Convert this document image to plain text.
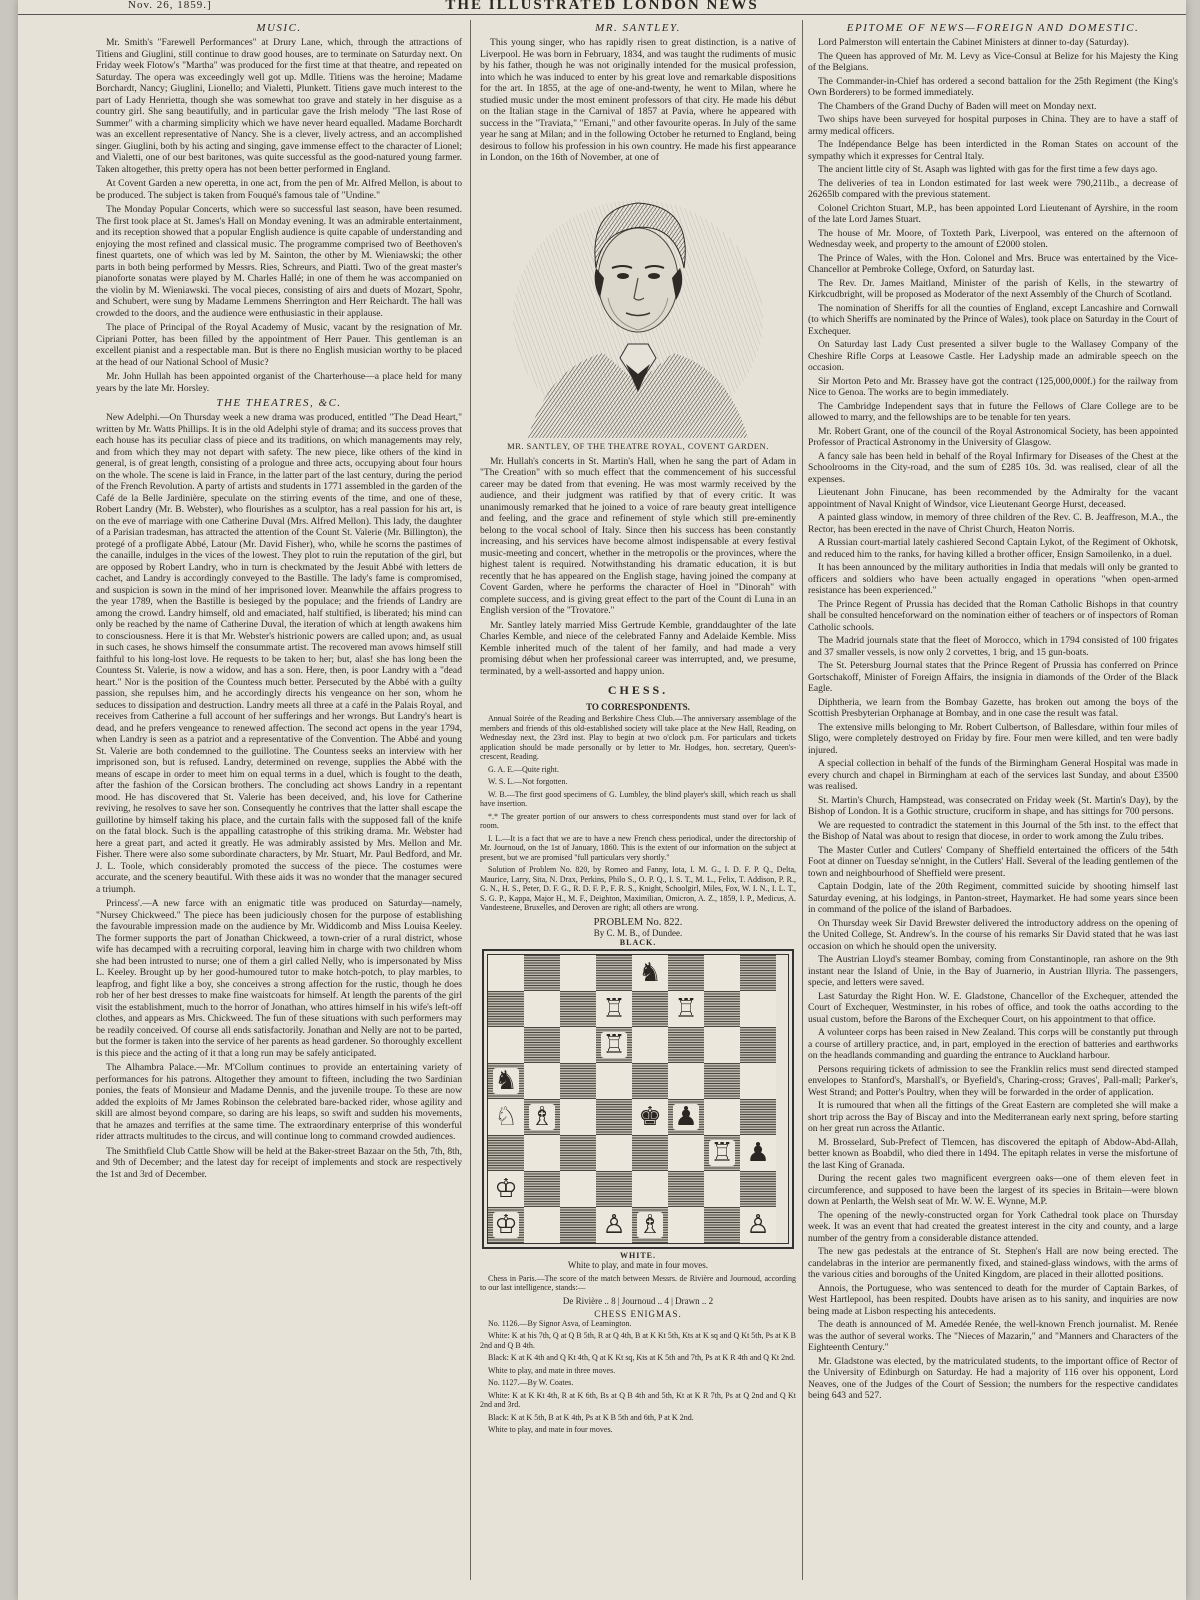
Nov. 26, 1859.]	THE ILLUSTRATED LONDON NEWS
MUSIC.

Mr. Smith's "Farewell Performances" at Drury Lane, which, through the attractions of Titiens and Giuglini, still continue to draw good houses, are to terminate on Saturday next. On Friday week Flotow's "Martha" was produced for the first time at that theatre, and repeated on Saturday. The opera was exceedingly well got up. Mdlle. Titiens was the heroine; Madame Borchardt, Nancy; Giuglini, Lionello; and Vialetti, Plunkett. Titiens gave much interest to the part of Lady Henrietta, though she was somewhat too grave and stately in her disguise as a country girl. She sang beautifully, and in particular gave the Irish melody "The last Rose of Summer" with a charming simplicity which we have never heard equalled. Madame Borchardt was an excellent representative of Nancy. She is a clever, lively actress, and an accomplished singer. Giuglini, both by his acting and singing, gave immense effect to the character of Lionel; and Vialetti, one of our best baritones, was quite successful as the good-natured young farmer. Taken altogether, this pretty opera has not been better performed in England.

At Covent Garden a new operetta, in one act, from the pen of Mr. Alfred Mellon, is about to be produced. The subject is taken from Fouqué's famous tale of "Undine."

The Monday Popular Concerts, which were so successful last season, have been resumed. The first took place at St. James's Hall on Monday evening. It was an admirable entertainment, and its reception showed that a popular English audience is quite capable of understanding and enjoying the most refined and classical music. The programme comprised two of Beethoven's finest quartets, one of which was led by M. Sainton, the other by M. Wieniawski; the other parts in both being performed by Messrs. Ries, Schreurs, and Piatti. Two of the great master's pianoforte sonatas were played by M. Charles Hallé; in one of them he was accompanied on the violin by M. Wieniawski. The vocal pieces, consisting of airs and duets of Mozart, Spohr, and Schubert, were sung by Madame Lemmens Sherrington and Herr Reichardt. The hall was crowded to the doors, and the audience were enthusiastic in their applause.

The place of Principal of the Royal Academy of Music, vacant by the resignation of Mr. Cipriani Potter, has been filled by the appointment of Herr Pauer. This gentleman is an excellent pianist and a respectable man. But is there no English musician worthy to be placed at the head of our National School of Music?

Mr. John Hullah has been appointed organist of the Charterhouse—a place held for many years by the late Mr. Horsley.

THE THEATRES, &C.

New Adelphi.—On Thursday week a new drama was produced, entitled "The Dead Heart," written by Mr. Watts Phillips. It is in the old Adelphi style of drama; and its success proves that each house has its peculiar class of piece and its traditions, on which managements may rely, and from which they may not depart with safety. The new piece, like others of the kind in general, is of great length, consisting of a prologue and three acts, occupying about four hours on the whole. The scene is laid in France, in the latter part of the last century, during the period of the French Revolution. A party of artists and students in 1771 assembled in the garden of the Café de la Belle Jardinière, speculate on the stirring events of the time, and one of these, Robert Landry (Mr. B. Webster), who flourishes as a sculptor, has a real passion for his art, is on the eve of marriage with one Catherine Duval (Mrs. Alfred Mellon). This lady, the daughter of a Parisian tradesman, has attracted the attention of the Count St. Valerie (Mr. Billington), the protegé of a profligate Abbé, Latour (Mr. David Fisher), who, while he scorns the pastimes of the canaille, indulges in the vices of the lowest. They plot to ruin the reputation of the girl, but are opposed by Robert Landry, who in turn is checkmated by the Jesuit Abbé with letters de cachet, and Landry is accordingly conveyed to the Bastille. The lady's fame is compromised, and suspicion is sown in the mind of her imprisoned lover. Meanwhile the affairs progress to the year 1789, when the Bastille is besieged by the populace; and the friends of Landry are among the crowd. Landry himself, old and emaciated, half stultified, is liberated; his mind can only be reached by the name of Catherine Duval, the iteration of which at length awakens him to consciousness. Here it is that Mr. Webster's histrionic powers are called upon; and, as usual in such cases, he shows himself the consummate artist. The recovered man avows himself still faithful to his long-lost love. He requests to be taken to her; but, alas! she has long been the Countess St. Valerie, is now a widow, and has a son. Here, then, is poor Landry with a "dead heart." Nor is the position of the Countess much better. Persecuted by the Abbé with a guilty passion, she repulses him, and he accordingly directs his vengeance on her son, whom he seduces to dissipation and destruction. Landry meets all three at a café in the Palais Royal, and receives from Catherine a full account of her sufferings and her wrongs. But Landry's heart is dead, and he prefers vengeance to renewed affection. The second act opens in the year 1794, when Landry is seen as a patriot and a representative of the Convention. The Abbé and young St. Valerie are both condemned to the guillotine. The Countess seeks an interview with her imprisoned son, but is refused. Landry, determined on revenge, supplies the Abbé with the means of escape in order to meet him on equal terms in a duel, which is fought to the death, after the fashion of the Corsican brothers. The concluding act shows Landry in a repentant mood. He has discovered that St. Valerie has been deceived, and, his love for Catherine reviving, he resolves to save her son. Consequently he contrives that the latter shall escape the guillotine by himself taking his place, and the curtain falls with the supposed fall of the knife on the fatal block. Such is the appalling catastrophe of this striking drama. Mr. Webster had here a great part, and acted it greatly. He was admirably assisted by Mrs. Mellon and Mr. Fisher. There were also some subordinate characters, by Mr. Stuart, Mr. Paul Bedford, and Mr. J. L. Toole, which considerably promoted the success of the piece. The costumes were accurate, and the scenery beautiful. With these aids it was no wonder that the manager secured a triumph.

Princess'.—A new farce with an enigmatic title was produced on Saturday—namely, "Nursey Chickweed." The piece has been judiciously chosen for the purpose of establishing the favourable impression made on the audience by Mr. Widdicomb and Miss Louisa Keeley. The former supports the part of Jonathan Chickweed, a town-crier of a rural district, whose wife has decamped with a recruiting corporal, leaving him in charge with two children whom she had been intrusted to nurse; one of them a girl called Nelly, who is impersonated by Miss L. Keeley. Brought up by her good-humoured tutor to make hotch-potch, to play marbles, to leapfrog, and fight like a boy, she conceives a strong affection for the rustic, though he does rob her of her best dresses to make fine waistcoats for himself. At length the parents of the girl visit the establishment, much to the horror of Jonathan, who attires himself in his wife's left-off clothes, and appears as Mrs. Chickweed. The fun of these situations with such performers may be readily conceived. Of course all ends satisfactorily. Jonathan and Nelly are not to be parted, but the former is taken into the service of her parents as head gardener. So thoroughly excellent is this piece and the acting of it that a long run may be safely anticipated.

The Alhambra Palace.—Mr. M'Collum continues to provide an entertaining variety of performances for his patrons. Altogether they amount to fifteen, including the two Sardinian ponies, the feats of Monsieur and Madame Dennis, and the juvenile troupe. To these are now added the exploits of Mr James Robinson the celebrated bare-backed rider, whose agility and skill are almost beyond compare, so daring are his leaps, so swift and sudden his movements, that he amazes and terrifies at the same time. The extraordinary enterprise of this wonderful rider attracts multitudes to the circus, and will continue long to command crowded audiences.

The Smithfield Club Cattle Show will be held at the Baker-street Bazaar on the 5th, 7th, 8th, and 9th of December; and the latest day for receipt of implements and stock are respectively the 1st and 3rd of December.

MR. SANTLEY.

This young singer, who has rapidly risen to great distinction, is a native of Liverpool. He was born in February, 1834, and was taught the rudiments of music by his father, though he was not originally intended for the musical profession, into which he was induced to enter by his great love and remarkable dispositions for the art. In 1855, at the age of one-and-twenty, he went to Milan, where he studied music under the most eminent professors of that city. He made his début on the Italian stage in the Carnival of 1857 at Pavia, where he appeared with success in the "Traviata," "Ernani," and other favourite operas. In July of the same year he sang at Milan; and in the following October he returned to England, being desirous to follow his profession in his own country. He made his first appearance in London, on the 16th of November, at one of

MR. SANTLEY, OF THE THEATRE ROYAL, COVENT GARDEN.

Mr. Hullah's concerts in St. Martin's Hall, when he sang the part of Adam in "The Creation" with so much effect that the commencement of his successful career may be dated from that evening. He was most warmly received by the audience, and their judgment was ratified by that of every critic. It was unanimously remarked that he joined to a voice of rare beauty great intelligence and feeling, and the grace and refinement of style which still pre-eminently belong to the vocal school of Italy. Since then his success has been constantly increasing, and his services have become almost indispensable at every festival music-meeting and concert, whether in the metropolis or the provinces, where the highest talent is required. Notwithstanding his dramatic education, it is but recently that he has appeared on the English stage, having joined the company at Covent Garden, where he performs the character of Hoel in "Dinorah" with complete success, and is giving great effect to the part of the Count di Luna in an English version of the "Trovatore."

Mr. Santley lately married Miss Gertrude Kemble, granddaughter of the late Charles Kemble, and niece of the celebrated Fanny and Adelaide Kemble. Miss Kemble inherited much of the talent of her family, and had made a very promising début when her professional career was interrupted, and, we presume, terminated, by a well-assorted and happy union.

CHESS.
TO CORRESPONDENTS.

Annual Soirée of the Reading and Berkshire Chess Club.—The anniversary assemblage of the members and friends of this old-established society will take place at the New Hall, Reading, on Wednesday next, the 23rd inst. Play to begin at two o'clock p.m. For particulars and tickets application should be made personally or by letter to Mr. Hodges, hon. secretary, Queen's-crescent, Reading.

G. A. E.—Quite right.

W. S. L.—Not forgotten.

W. B.—The first good specimens of G. Lumbley, the blind player's skill, which reach us shall have insertion.

*.* The greater portion of our answers to chess correspondents must stand over for lack of room.

I. L.—It is a fact that we are to have a new French chess periodical, under the directorship of Mr. Journoud, on the 1st of January, 1860. This is the extent of our information on the subject at present, but we are promised "full particulars very shortly."

Solution of Problem No. 820, by Romeo and Fanny, Iota, I. M. G., I. D. F. P. Q., Delta, Maurice, Larry, Sita, N. Drax, Perkins, Philo S., O. P. Q., I. S. T., M. L., Felix, T. Addison, P. R., G. N., H. S., Peter, D. F. G., R. D. F. P., F. R. S., Knight, Schoolgirl, Miles, Fox, W. I. N., I. L. T., S. G. P., Kappa, Major H., M. F., Deighton, Maximilian, Omicron, A. Z., 1859, I. P., Medicus, A. Vandesteene, Bruxelles, and Deroven are right; all others are wrong.

PROBLEM No. 822.
By C. M. B., of Dundee.
BLACK.
♞
♖ ♖
♖
♞
♘ ♗	♚ ♟
♖ ♟
♔
♔	♙ ♗	♙
WHITE.
White to play, and mate in four moves.

Chess in Paris.—The score of the match between Messrs. de Rivière and Journoud, according to our last intelligence, stands:—

De Rivière .. 8 | Journoud .. 4 | Drawn .. 2
CHESS ENIGMAS.

No. 1126.—By Signor Asva, of Leamington.

White: K at his 7th, Q at Q B 5th, R at Q 4th, B at K Kt 5th, Kts at K sq and Q Kt 5th, Ps at K B 2nd and Q B 4th.

Black: K at K 4th and Q Kt 4th, Q at K Kt sq, Kts at K 5th and 7th, Ps at K R 4th and Q Kt 2nd.

White to play, and mate in three moves.

No. 1127.—By W. Coates.

White: K at K Kt 4th, R at K 6th, Bs at Q B 4th and 5th, Kt at K R 7th, Ps at Q 2nd and Q Kt 2nd and 3rd.

Black: K at K 5th, B at K 4th, Ps at K B 5th and 6th, P at K 2nd.

White to play, and mate in four moves.

EPITOME OF NEWS—FOREIGN AND DOMESTIC.

Lord Palmerston will entertain the Cabinet Ministers at dinner to-day (Saturday).

The Queen has approved of Mr. M. Levy as Vice-Consul at Belize for his Majesty the King of the Belgians.

The Commander-in-Chief has ordered a second battalion for the 25th Regiment (the King's Own Borderers) to be formed immediately.

The Chambers of the Grand Duchy of Baden will meet on Monday next.

Two ships have been surveyed for hospital purposes in China. They are to have a staff of army medical officers.

The Indépendance Belge has been interdicted in the Roman States on account of the sympathy which it expresses for Central Italy.

The ancient little city of St. Asaph was lighted with gas for the first time a few days ago.

The deliveries of tea in London estimated for last week were 790,211lb., a decrease of 26265lb compared with the previous statement.

Colonel Crichton Stuart, M.P., has been appointed Lord Lieutenant of Ayrshire, in the room of the late Lord James Stuart.

The house of Mr. Moore, of Toxteth Park, Liverpool, was entered on the afternoon of Wednesday week, and property to the amount of £2000 stolen.

The Prince of Wales, with the Hon. Colonel and Mrs. Bruce was entertained by the Vice-Chancellor at Pembroke College, Oxford, on Saturday last.

The Rev. Dr. James Maitland, Minister of the parish of Kells, in the stewartry of Kirkcudbright, will be proposed as Moderator of the next Assembly of the Church of Scotland.

The nomination of Sheriffs for all the counties of England, except Lancashire and Cornwall (to which Sheriffs are nominated by the Prince of Wales), took place on Saturday in the Court of Exchequer.

On Saturday last Lady Cust presented a silver bugle to the Wallasey Company of the Cheshire Rifle Corps at Leasowe Castle. Her Ladyship made an admirable speech on the occasion.

Sir Morton Peto and Mr. Brassey have got the contract (125,000,000f.) for the railway from Nice to Genoa. The works are to begin immediately.

The Cambridge Independent says that in future the Fellows of Clare College are to be allowed to marry, and the fellowships are to be tenable for ten years.

Mr. Robert Grant, one of the council of the Royal Astronomical Society, has been appointed Professor of Practical Astronomy in the University of Glasgow.

A fancy sale has been held in behalf of the Royal Infirmary for Diseases of the Chest at the Schoolrooms in the City-road, and the sum of £285 10s. 3d. was realised, clear of all the expenses.

Lieutenant John Finucane, has been recommended by the Admiralty for the vacant appointment of Naval Knight of Windsor, vice Lieutenant George Hurst, deceased.

A painted glass window, in memory of three children of the Rev. C. B. Jeaffreson, M.A., the Rector, has been erected in the nave of Christ Church, Heaton Norris.

A Russian court-martial lately cashiered Second Captain Lykot, of the Regiment of Okhotsk, and reduced him to the ranks, for having killed a brother officer, Ensign Samoilenko, in a duel.

It has been announced by the military authorities in India that medals will only be granted to officers and soldiers who have been actually engaged in operations "when open-armed resistance has been experienced."

The Prince Regent of Prussia has decided that the Roman Catholic Bishops in that country shall be consulted henceforward on the nomination either of teachers or of inspectors of Roman Catholic schools.

The Madrid journals state that the fleet of Morocco, which in 1794 consisted of 100 frigates and 37 smaller vessels, is now only 2 corvettes, 1 brig, and 15 gun-boats.

The St. Petersburg Journal states that the Prince Regent of Prussia has conferred on Prince Gortschakoff, Minister of Foreign Affairs, the insignia in diamonds of the Order of the Black Eagle.

Diphtheria, we learn from the Bombay Gazette, has broken out among the boys of the Scottish Presbyterian Orphanage at Bombay, and in one case the result was fatal.

The extensive mills belonging to Mr. Robert Culbertson, of Ballesdare, within four miles of Sligo, were completely destroyed on Friday by fire. Four men were killed, and ten were badly injured.

A special collection in behalf of the funds of the Birmingham General Hospital was made in every church and chapel in Birmingham at each of the services last Sunday, and about £3500 was realised.

St. Martin's Church, Hampstead, was consecrated on Friday week (St. Martin's Day), by the Bishop of London. It is a Gothic structure, cruciform in shape, and has sittings for 700 persons.

We are requested to contradict the statement in this Journal of the 5th inst. to the effect that the Bishop of Natal was about to resign that diocese, in order to work among the Zulu tribes.

The Master Cutler and Cutlers' Company of Sheffield entertained the officers of the 54th Foot at dinner on Tuesday se'nnight, in the Cutlers' Hall. Several of the leading gentlemen of the town and neighbourhood of Sheffield were present.

Captain Dodgin, late of the 20th Regiment, committed suicide by shooting himself last Saturday evening, at his lodgings, in Panton-street, Haymarket. He had some years since been in command of the police of the island of Barbadoes.

On Thursday week Sir David Brewster delivered the introductory address on the opening of the United College, St. Andrew's. In the course of his remarks Sir David stated that he was last occasion on which he should open the university.

The Austrian Lloyd's steamer Bombay, coming from Constantinople, ran ashore on the 9th instant near the Island of Unie, in the Bay of Juarnerio, in Austrian Illyria. The passengers, specie, and letters were saved.

Last Saturday the Right Hon. W. E. Gladstone, Chancellor of the Exchequer, attended the Court of Exchequer, Westminster, in his robes of office, and took the oaths according to the usual custom, before the Barons of the Exchequer Court, on his appointment to that office.

A volunteer corps has been raised in New Zealand. This corps will be constantly put through a course of artillery practice, and, in part, employed in the erection of batteries and earthworks on the headlands commanding and guarding the entrance to Auckland harbour.

Persons requiring tickets of admission to see the Franklin relics must send directed stamped envelopes to Stanford's, Marshall's, or Byefield's, Charing-cross; Graves', Pall-mall; Parker's, West Strand; and Potter's Poultry, when they will be forwarded in the order of application.

It is rumoured that when all the fittings of the Great Eastern are completed she will make a short trip across the Bay of Biscay and into the Mediterranean early next spring, before starting on her great run across the Atlantic.

M. Brosselard, Sub-Prefect of Tlemcen, has discovered the epitaph of Abdow-Abd-Allah, better known as Boabdil, who died there in 1494. The epitaph relates in verse the misfortune of the last King of Granada.

During the recent gales two magnificent evergreen oaks—one of them eleven feet in circumference, and supposed to have been the largest of its species in Britain—were blown down at Penlarth, the Welsh seat of Mr. W. W. E. Wynne, M.P.

The opening of the newly-constructed organ for York Cathedral took place on Thursday week. It was an event that had created the greatest interest in the city and county, and a large number of the gentry from a considerable distance attended.

The new gas pedestals at the entrance of St. Stephen's Hall are now being erected. The candelabras in the interior are permanently fixed, and stained-glass windows, with the arms of the various cities and boroughs of the United Kingdom, are placed in their allotted positions.

Annois, the Portuguese, who was sentenced to death for the murder of Captain Barkes, of West Hartlepool, has been respited. Doubts have arisen as to his sanity, and inquiries are now being made at Lisbon respecting his antecedents.

The death is announced of M. Amedée Renée, the well-known French journalist. M. Renée was the author of several works. The "Nieces of Mazarin," and "Manners and Characters of the Eighteenth Century."

Mr. Gladstone was elected, by the matriculated students, to the important office of Rector of the University of Edinburgh on Saturday. He had a majority of 116 over his opponent, Lord Neaves, one of the Judges of the Court of Session; the numbers for the respective candidates being 643 and 527.
